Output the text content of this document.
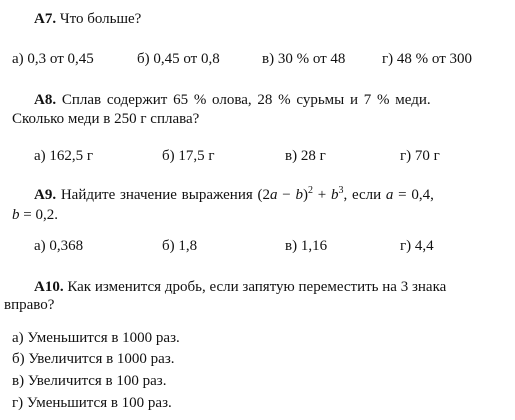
A7. Что больше?
а) 0,3 от 0,45	б) 0,45 от 0,8	в) 30 % от 48 г) 48 % от 300
A8. Сплав содержит 65 % олова, 28 % сурьмы и 7 % меди.
Сколько меди в 250 г сплава?
а) 162,5 г	б) 17,5 г	в) 28 г	г) 70 г
A9. Найдите значение выражения $(2a - b)^2 + b^3$, если a = 0,4,
b = 0,2.
а) 0,368	б) 1,8	в) 1,16	г) 4,4
A10. Как изменится дробь, если запятую переместить на 3 знака
вправо?
а) Уменьшится в 1000 раз.
б) Увеличится в 1000 раз.
в) Увеличится в 100 раз.
г) Уменьшится в 100 раз.
